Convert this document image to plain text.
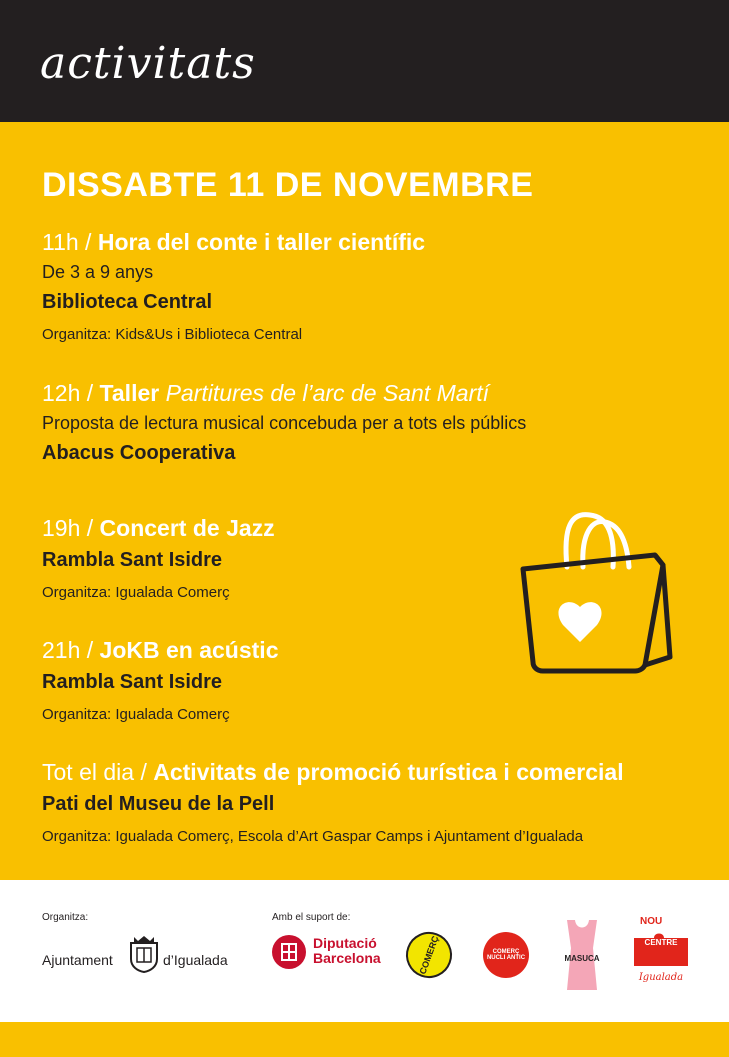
activitats
DISSABTE 11 DE NOVEMBRE
11h / Hora del conte i taller científic
De 3 a 9 anys
Biblioteca Central
Organitza: Kids&Us i Biblioteca Central
12h / Taller Partitures de l’arc de Sant Martí
Proposta de lectura musical concebuda per a tots els públics
Abacus Cooperativa
19h / Concert de Jazz
Rambla Sant Isidre
Organitza: Igualada Comerç
21h / JoKB en acústic
Rambla Sant Isidre
Organitza: Igualada Comerç
Tot el dia / Activitats de promoció turística i comercial
Pati del Museu de la Pell
Organitza: Igualada Comerç, Escola d’Art Gaspar Camps i Ajuntament d’Igualada
Organitza:	Amb el suport de:
Ajuntament	d’Igualada
Diputació
Barcelona	COMERÇ	COMERÇ NUCLI ANTIC	MASUCA
NOU
CENTRE
Igualada
